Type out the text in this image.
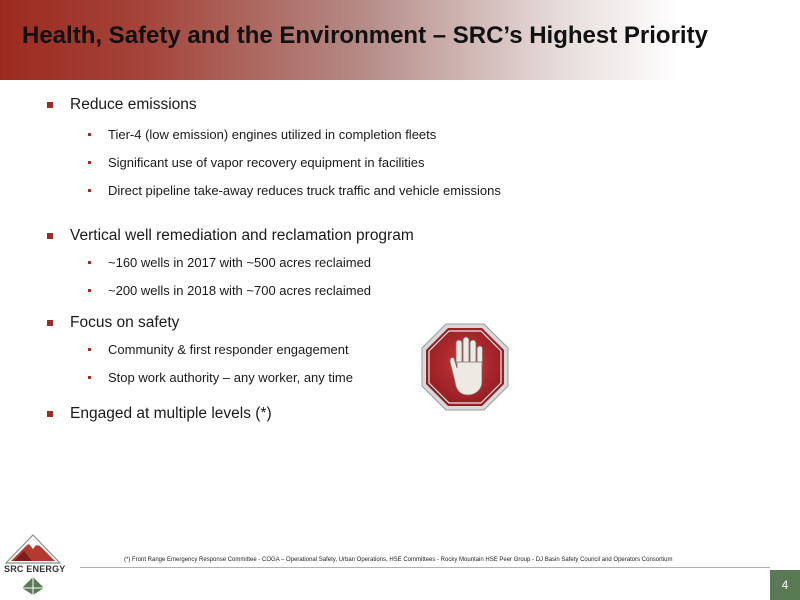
Health, Safety and the Environment – SRC’s Highest Priority
Reduce emissions
Tier-4 (low emission) engines utilized in completion fleets
Significant use of vapor recovery equipment in facilities
Direct pipeline take-away reduces truck traffic and vehicle emissions
Vertical well remediation and reclamation program
~160 wells in 2017 with ~500 acres reclaimed
~200 wells in 2018 with ~700 acres reclaimed
Focus on safety
Community & first responder engagement
Stop work authority – any worker, any time
Engaged at multiple levels (*)
(*) Front Range Emergency Response Committee - COGA – Operational Safety, Urban Operations, HSE Committees - Rocky Mountain HSE Peer Group - DJ Basin Safety Council and Operators Consortium
SRC ENERGY
4
